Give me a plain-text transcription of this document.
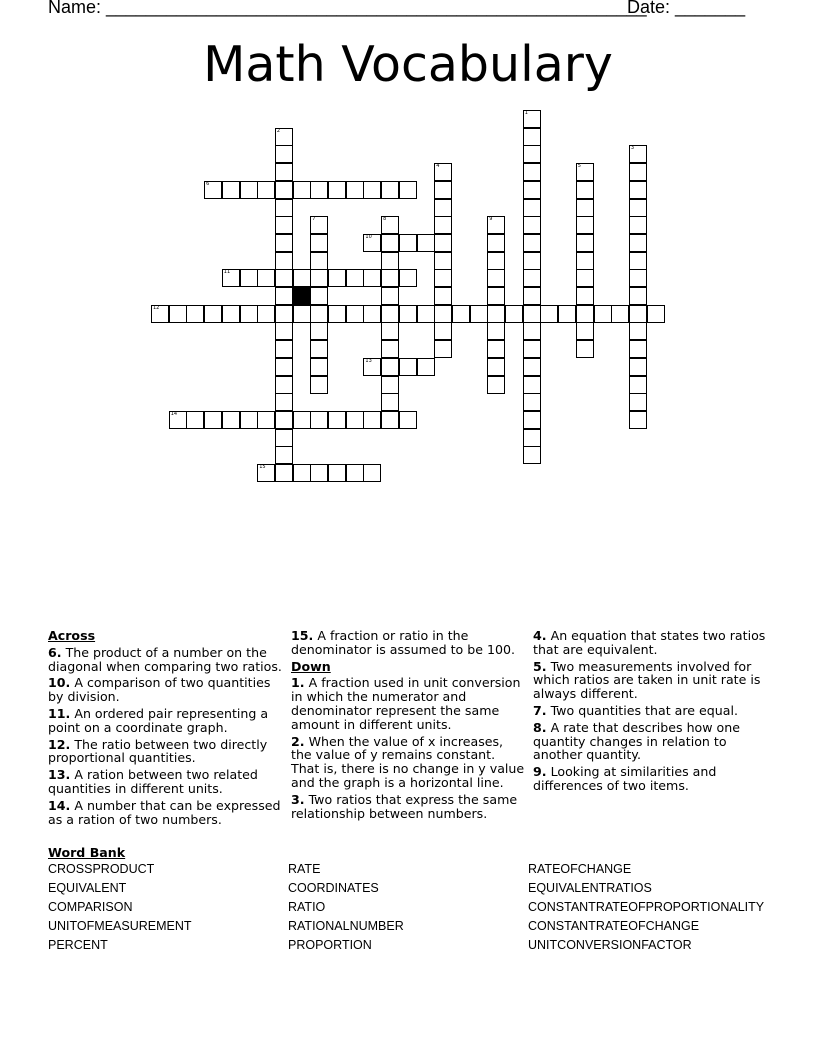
Name: ______________________________________________________
Date: _______
Math Vocabulary
1
2
3
4	5
6
7	8	9
10
11
12
13
14
15
Across
6. The product of a number on the diagonal when comparing two ratios.
10. A comparison of two quantities by division.
11. An ordered pair representing a point on a coordinate graph.
12. The ratio between two directly proportional quantities.
13. A ration between two related quantities in different units.
14. A number that can be expressed as a ration of two numbers.
15. A fraction or ratio in the denominator is assumed to be 100.
Down
1. A fraction used in unit conversion in which the numerator and denominator represent the same amount in different units.
2. When the value of x increases, the value of y remains constant. That is, there is no change in y value and the graph is a horizontal line.
3. Two ratios that express the same relationship between numbers.
4. An equation that states two ratios that are equivalent.
5. Two measurements involved for which ratios are taken in unit rate is always different.
7. Two quantities that are equal.
8. A rate that describes how one quantity changes in relation to another quantity.
9. Looking at similarities and differences of two items.
Word Bank
CROSSPRODUCT	RATE	RATEOFCHANGE
EQUIVALENT	COORDINATES	EQUIVALENTRATIOS
COMPARISON	RATIO	CONSTANTRATEOFPROPORTIONALITY
UNITOFMEASUREMENT	RATIONALNUMBER	CONSTANTRATEOFCHANGE
PERCENT	PROPORTION	UNITCONVERSIONFACTOR
